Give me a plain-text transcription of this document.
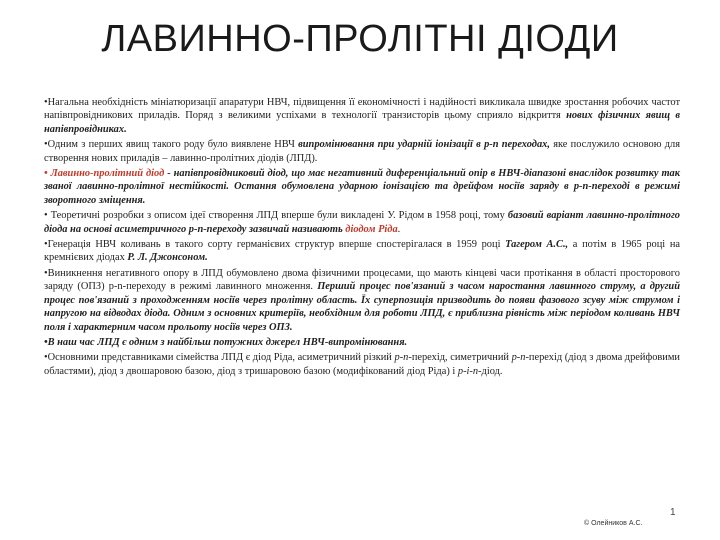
ЛАВИННО-ПРОЛІТНІ ДІОДИ

•Нагальна необхідність мініатюризації апаратури НВЧ, підвищення її економічності і надійності викликала швидке зростання робочих частот напівпровідникових приладів. Поряд з великими успіхами в технології транзисторів цьому сприяло відкриття нових фізичних явищ в напівпровідниках.

•Одним з перших явищ такого роду було виявлене НВЧ випромінювання при ударній іонізації в p-n переходах, яке послужило основою для створення нових приладів – лавинно-пролітних діодів (ЛПД).

• Лавинно-пролітний діод - напівпровідниковий діод, що має негативний диференціальний опір в НВЧ-діапазоні внаслідок розвитку так званої лавинно-пролітної нестійкості. Остання обумовлена ударною іонізацією та дрейфом носіїв заряду в p-n-переході в режимі зворотного зміщення.

• Теоретичні розробки з описом ідеї створення ЛПД вперше були викладені У. Рідом в 1958 році, тому базовий варіант лавинно-пролітного діода на основі асиметричного p-n-переходу зазвичай називають діодом Ріда.

•Генерація НВЧ коливань в такого сорту германієвих структур вперше спостерігалася в 1959 році Тагером А.С., а потім в 1965 році на кремнієвих діодах Р. Л. Джонсоном.

•Виникнення негативного опору в ЛПД обумовлено двома фізичними процесами, що мають кінцеві часи протікання в області просторового заряду (ОПЗ) p-n-переходу в режимі лавинного множення. Перший процес пов'язаний з часом наростання лавинного струму, а другий процес пов'язаний з проходженням носіїв через пролітну область. Їх суперпозиція призводить до появи фазового зсуву між струмом і напругою на відводах діода. Одним з основних критеріїв, необхідним для роботи ЛПД, є приблизна рівність між періодом коливань НВЧ поля і характерним часом прольоту носіїв через ОПЗ.

•В наш час ЛПД є одним з найбільш потужних джерел НВЧ-випромінювання.

•Основними представниками сімейства ЛПД є діод Ріда, асиметричний різкий p-n-перехід, симетричний p-n-перехід (діод з двома дрейфовими областями), діод з двошаровою базою, діод з тришаровою базою (модифікований діод Ріда) і p-i-n-діод.

1
© Олейников А.С.
